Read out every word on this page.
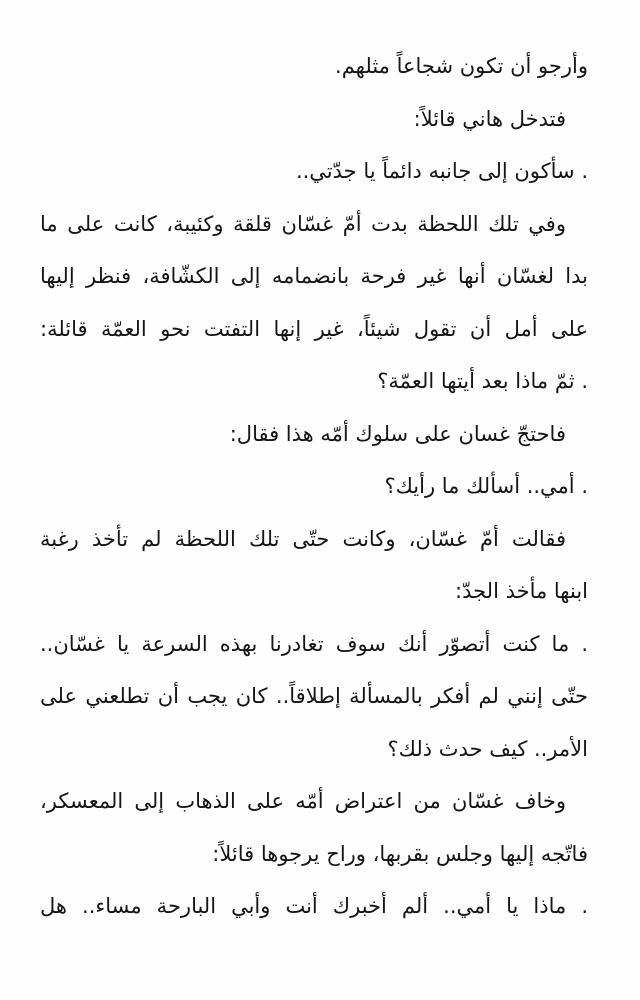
وأرجو أن تكون شجاعاً مثلهم.
فتدخل هاني قائلاً:
. سأكون إلى جانبه دائماً يا جدّتي..
وفي تلك اللحظة بدت أمّ غسّان قلقة وكئيبة، كانت على ما
بدا لغسّان أنها غير فرحة بانضمامه إلى الكشّافة، فنظر إليها
على أمل أن تقول شيئاً، غير إنها التفتت نحو العمّة قائلة:
. ثمّ ماذا بعد أيتها العمّة؟
فاحتجّ غسان على سلوك أمّه هذا فقال:
. أمي.. أسألك ما رأيك؟
فقالت أمّ غسّان، وكانت حتّى تلك اللحظة لم تأخذ رغبة
ابنها مأخذ الجدّ:
. ما كنت أتصوّر أنك سوف تغادرنا بهذه السرعة يا غسّان..
حتّى إنني لم أفكر بالمسألة إطلاقاً.. كان يجب أن تطلعني على
الأمر.. كيف حدث ذلك؟
وخاف غسّان من اعتراض أمّه على الذهاب إلى المعسكر،
فاتّجه إليها وجلس بقربها، وراح يرجوها قائلاً:
. ماذا يا أمي.. ألم أخبرك أنت وأبي البارحة مساء.. هل
